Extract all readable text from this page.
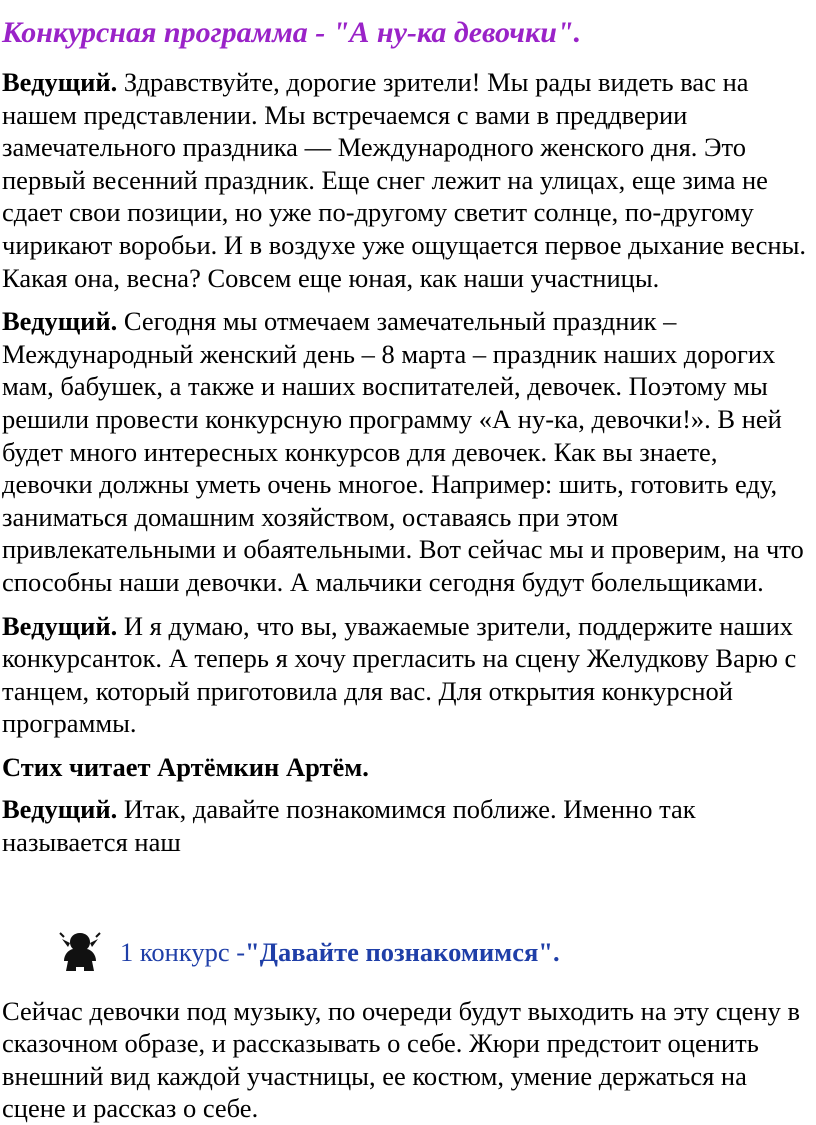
Конкурсная программа - "А ну-ка девочки".

Ведущий. Здравствуйте, дорогие зрители! Мы рады видеть вас на нашем представлении. Мы встречаемся с вами в преддверии замечательного праздника — Международного женского дня. Это первый весенний праздник. Еще снег лежит на улицах, еще зима не сдает свои позиции, но уже по-другому светит солнце, по-другому чирикают воробьи. И в воздухе уже ощущается первое дыхание весны. Какая она, весна? Совсем еще юная, как наши участницы.

Ведущий. Сегодня мы отмечаем замечательный праздник – Международный женский день – 8 марта – праздник наших дорогих мам, бабушек, а также и наших воспитателей, девочек. Поэтому мы решили провести конкурсную программу «А ну-ка, девочки!». В ней будет много интересных конкурсов для девочек. Как вы знаете, девочки должны уметь очень многое. Например: шить, готовить еду, заниматься домашним хозяйством, оставаясь при этом привлекательными и обаятельными. Вот сейчас мы и проверим, на что способны наши девочки. А мальчики сегодня будут болельщиками.

Ведущий. И я думаю, что вы, уважаемые зрители, поддержите наших конкурсанток. А теперь я хочу прегласить на сцену Желудкову Варю с танцем, который приготовила для вас. Для открытия конкурсной программы.

Стих читает Артёмкин Артём.

Ведущий. Итак, давайте познакомимся поближе. Именно так называется наш

1 конкурс - "Давайте познакомимся".

Сейчас девочки под музыку, по очереди будут выходить на эту сцену в сказочном образе, и рассказывать о себе. Жюри предстоит оценить внешний вид каждой участницы, ее костюм, умение держаться на сцене и рассказ о себе.
